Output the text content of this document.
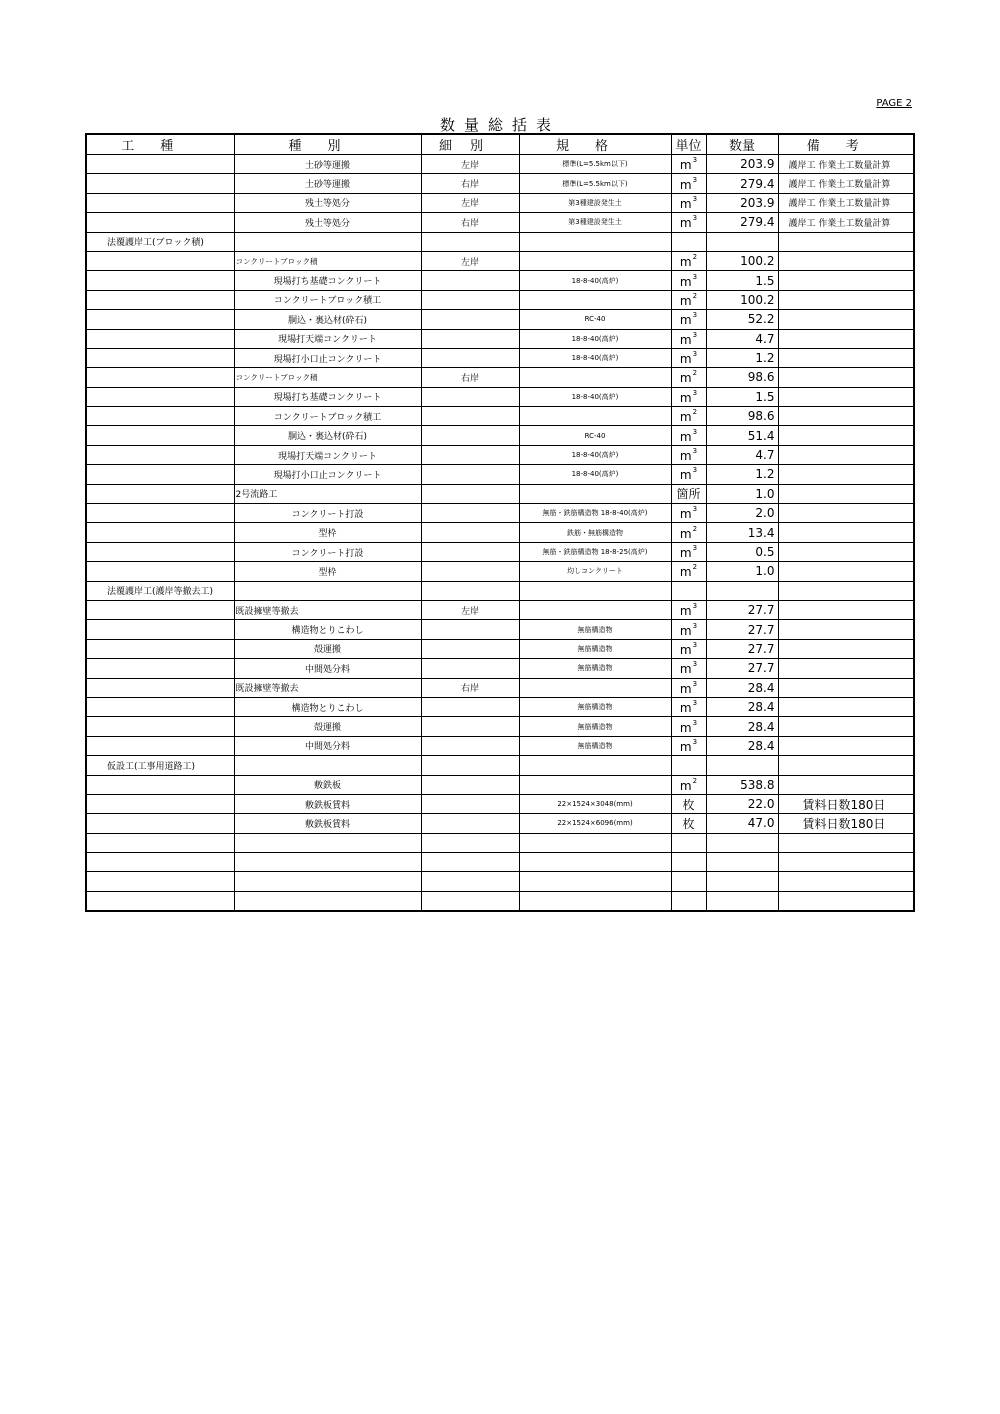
PAGE 2
数量総括表
工種	種別	細別	規格	単位	数量	備考
	土砂等運搬	左岸	標準(L=5.5km以下)	$m^3$	203.9	護岸工 作業土工数量計算
	土砂等運搬	右岸	標準(L=5.5km以下)	$m^3$	279.4	護岸工 作業土工数量計算
	残土等処分	左岸	第3種建設発生土	$m^3$	203.9	護岸工 作業土工数量計算
	残土等処分	右岸	第3種建設発生土	$m^3$	279.4	護岸工 作業土工数量計算
法覆護岸工(ブロック積)						
	コンクリートブロック積	左岸		$m^2$	100.2	
	現場打ち基礎コンクリート		18-8-40(高炉)	$m^3$	1.5	
	コンクリートブロック積工			$m^2$	100.2	
	胴込・裏込材(砕石)		RC-40	$m^3$	52.2	
	現場打天端コンクリート		18-8-40(高炉)	$m^3$	4.7	
	現場打小口止コンクリート		18-8-40(高炉)	$m^3$	1.2	
	コンクリートブロック積	右岸		$m^2$	98.6	
	現場打ち基礎コンクリート		18-8-40(高炉)	$m^3$	1.5	
	コンクリートブロック積工			$m^2$	98.6	
	胴込・裏込材(砕石)		RC-40	$m^3$	51.4	
	現場打天端コンクリート		18-8-40(高炉)	$m^3$	4.7	
	現場打小口止コンクリート		18-8-40(高炉)	$m^3$	1.2	
	2号流路工			箇所	1.0	
	コンクリート打設		無筋・鉄筋構造物 18-8-40(高炉)	$m^3$	2.0	
	型枠		鉄筋・無筋構造物	$m^2$	13.4	
	コンクリート打設		無筋・鉄筋構造物 18-8-25(高炉)	$m^3$	0.5	
	型枠		均しコンクリート	$m^2$	1.0	
法覆護岸工(護岸等撤去工)						
	既設擁壁等撤去	左岸		$m^3$	27.7	
	構造物とりこわし		無筋構造物	$m^3$	27.7	
	殻運搬		無筋構造物	$m^3$	27.7	
	中間処分料		無筋構造物	$m^3$	27.7	
	既設擁壁等撤去	右岸		$m^3$	28.4	
	構造物とりこわし		無筋構造物	$m^3$	28.4	
	殻運搬		無筋構造物	$m^3$	28.4	
	中間処分料		無筋構造物	$m^3$	28.4	
仮設工(工事用道路工)						
	敷鉄板			$m^2$	538.8	
	敷鉄板賃料		22×1524×3048(mm)	枚	22.0	賃料日数180日
	敷鉄板賃料		22×1524×6096(mm)	枚	47.0	賃料日数180日
